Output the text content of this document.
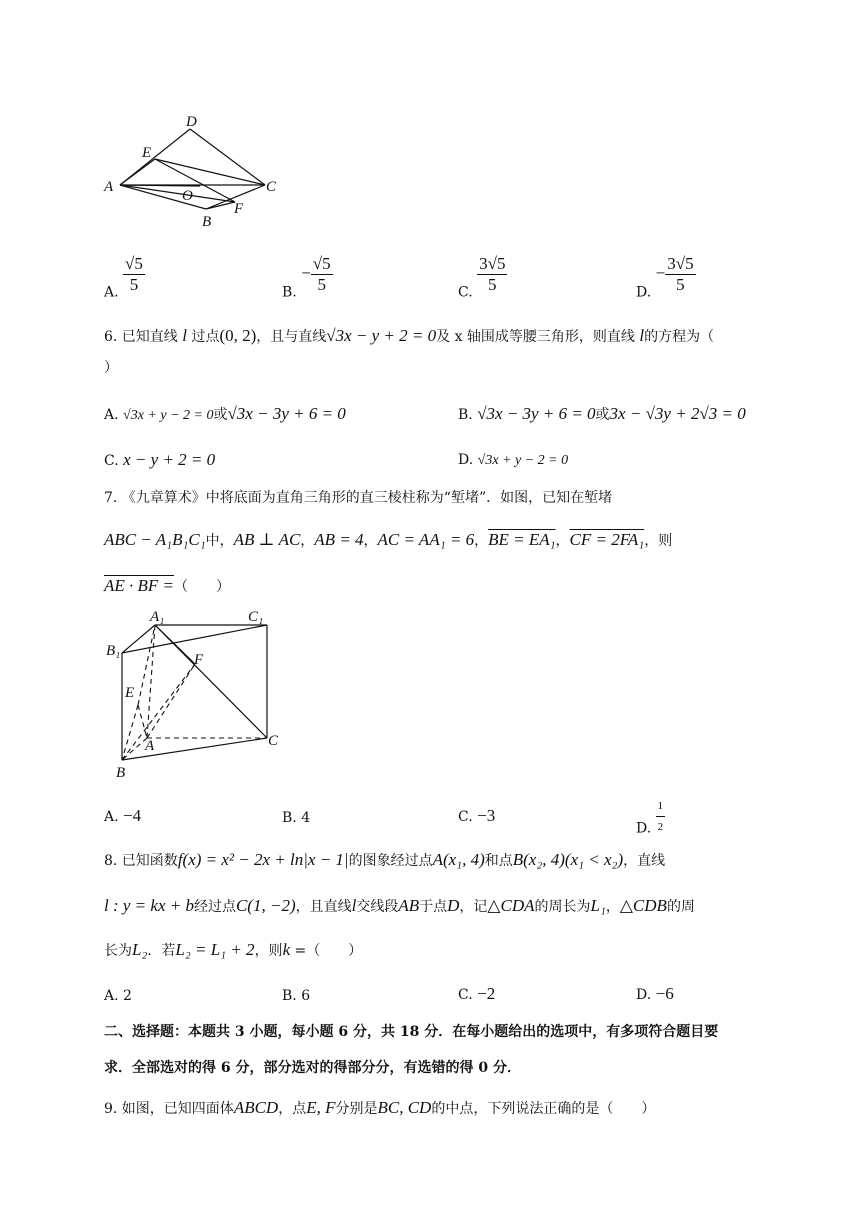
D
E
A
O
C
B
F
A. $\frac{√5}{5}$	B. − $\frac{√5}{5}$	C. $\frac{3√5}{5}$	D. − $\frac{3√5}{5}$
6. 已知直线 l 过点(0, 2)，且与直线√3x − y + 2 = 0及 x 轴围成等腰三角形，则直线 l的方程为（
）
A. √3x + y − 2 = 0或√3x − 3y + 6 = 0	B. √3x − 3y + 6 = 0或3x − √3y + 2√3 = 0
C. x − y + 2 = 0	D. √3x + y − 2 = 0
7. 《九章算术》中将底面为直角三角形的直三棱柱称为“堑堵”．如图，已知在堑堵
ABC − A₁B₁C₁中，AB ⊥ AC，AB = 4，AC = AA₁ = 6，BE = EA₁，CF = 2FA₁，则
AE · BF =（　　）
A₁	C₁
B₁
F
E
A	C
B
A. −4	B. 4	C. −3
D. $\frac{1}{2}$
8. 已知函数f(x) = x² − 2x + ln|x − 1|的图象经过点A(x₁, 4)和点B(x₂, 4)(x₁ < x₂)，直线
l : y = kx + b经过点C(1, −2)，且直线l交线段AB于点D，记△CDA的周长为L₁，△CDB的周
长为L₂．若L₂ = L₁ + 2，则k =（　　）
A. 2	B. 6	C. −2	D. −6
二、选择题：本题共 3 小题，每小题 6 分，共 18 分．在每小题给出的选项中，有多项符合题目要
求．全部选对的得 6 分，部分选对的得部分分，有选错的得 0 分．
9. 如图，已知四面体ABCD，点E, F分别是BC, CD的中点，下列说法正确的是（　　）
